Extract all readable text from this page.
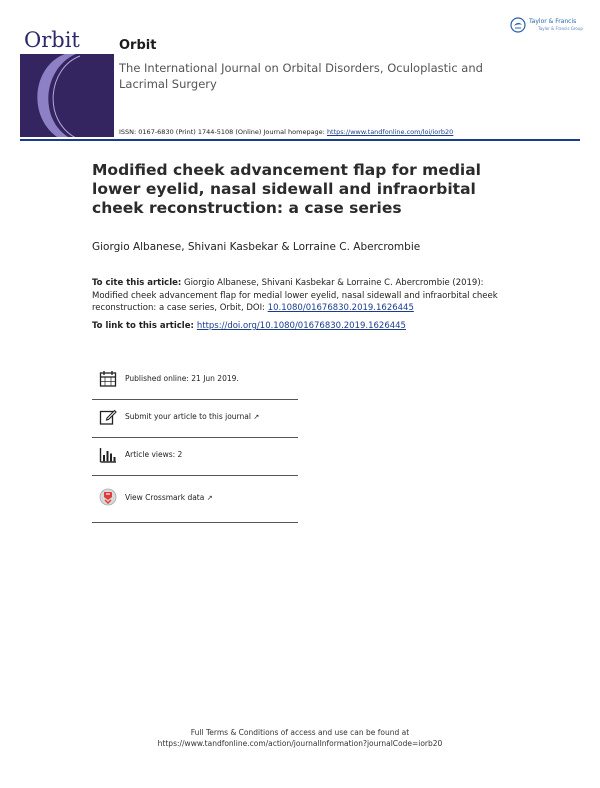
Orbit
Taylor & Francis
Taylor & Francis Group
Orbit
The International Journal on Orbital Disorders, Oculoplastic and Lacrimal Surgery
ISSN: 0167-6830 (Print) 1744-5108 (Online) Journal homepage: https://www.tandfonline.com/loi/iorb20
Modified cheek advancement flap for medial lower eyelid, nasal sidewall and infraorbital cheek reconstruction: a case series
Giorgio Albanese, Shivani Kasbekar & Lorraine C. Abercrombie
To cite this article: Giorgio Albanese, Shivani Kasbekar & Lorraine C. Abercrombie (2019): Modified cheek advancement flap for medial lower eyelid, nasal sidewall and infraorbital cheek reconstruction: a case series, Orbit, DOI: 10.1080/01676830.2019.1626445
To link to this article: https://doi.org/10.1080/01676830.2019.1626445
Published online: 21 Jun 2019.
Submit your article to this journal ↗
Article views: 2
View Crossmark data ↗
Full Terms & Conditions of access and use can be found at
https://www.tandfonline.com/action/journalInformation?journalCode=iorb20
